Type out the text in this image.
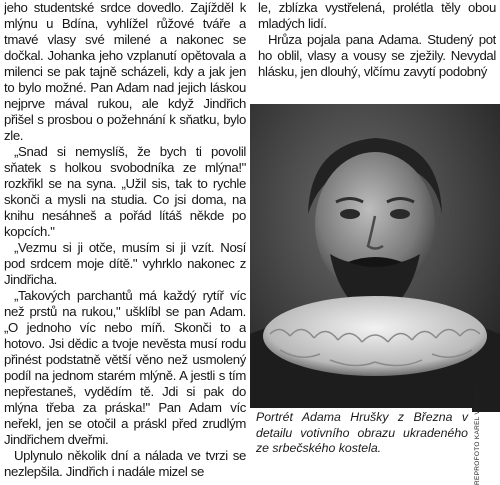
jeho studentské srdce dovedlo. Zajížděl k mlýnu u Bdína, vyhlížel růžové tváře a tmavé vlasy své milené a nakonec se dočkal. Johanka jeho vzplanutí opětovala a milenci se pak tajně scházeli, kdy a jak jen to bylo možné. Pan Adam nad jejich láskou nejprve mával rukou, ale když Jindřich přišel s prosbou o požehnání k sňatku, bylo zle.

„Snad si nemyslíš, že bych ti povolil sňatek s holkou svobodníka ze mlýna!" rozkřikl se na syna. „Užil sis, tak to rychle skonči a mysli na studia. Co jsi doma, na knihu nesáhneš a pořád lítáš někde po kopcích."

„Vezmu si ji otče, musím si ji vzít. Nosí pod srdcem moje dítě." vyhrklo nakonec z Jindřicha.

„Takových parchantů má každý rytíř víc než prstů na rukou," ušklíbl se pan Adam. „O jednoho víc nebo míň. Skonči to a hotovo. Jsi dědic a tvoje nevěsta musí rodu přinést podstatně větší věno než usmolený podíl na jednom starém mlýně. A jestli s tím nepřestaneš, vydědím tě. Jdi si pak do mlýna třeba za práska!" Pan Adam víc neřekl, jen se otočil a práskl před zrudlým Jindřichem dveřmi.

Uplynulo několik dní a nálada ve tvrzi se nezlepšila. Jindřich i nadále mizel se

le, zblízka vystřelená, prolétla těly obou mladých lidí.

Hrůza pojala pana Adama. Studený pot ho oblil, vlasy a vousy se zježily. Nevydal hlásku, jen dlouhý, vlčímu zavytí podobný

Portrét Adama Hrušky z Března v detailu votivního obrazu ukradeného ze srbečského kostela.	REPROFOTO KAREL VIDIMSKÝ
